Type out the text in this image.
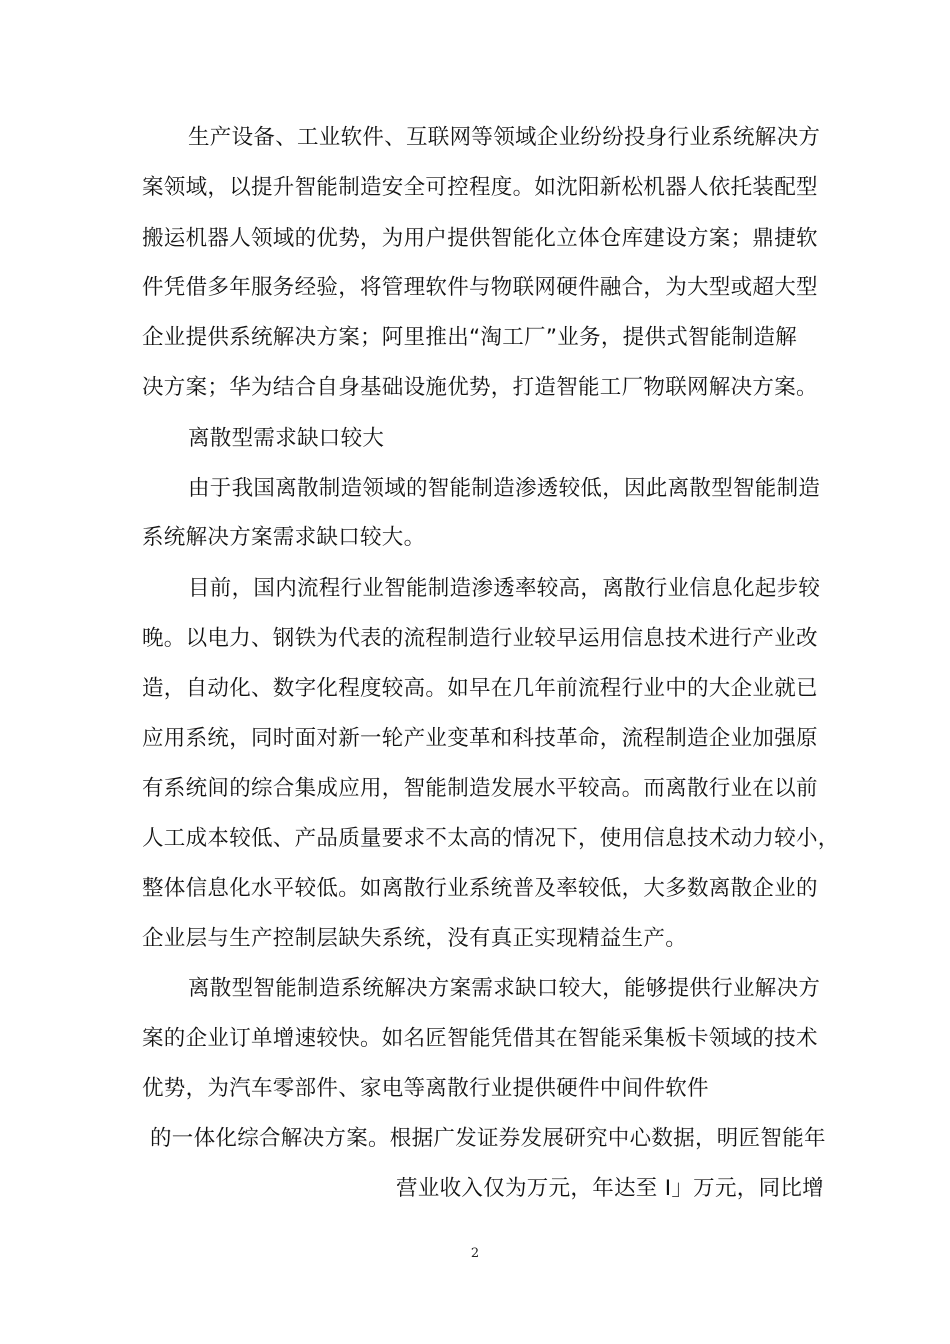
生产设备、工业软件、互联网等领域企业纷纷投身行业系统解决方
案领域，以提升智能制造安全可控程度。如沈阳新松机器人依托装配型
搬运机器人领域的优势，为用户提供智能化立体仓库建设方案；鼎捷软
件凭借多年服务经验，将管理软件与物联网硬件融合，为大型或超大型
企业提供系统解决方案；阿里推出“淘工厂”业务，提供式智能制造解
决方案；华为结合自身基础设施优势，打造智能工厂物联网解决方案。
离散型需求缺口较大
由于我国离散制造领域的智能制造渗透较低，因此离散型智能制造
系统解决方案需求缺口较大。
目前，国内流程行业智能制造渗透率较高，离散行业信息化起步较
晚。以电力、钢铁为代表的流程制造行业较早运用信息技术进行产业改
造，自动化、数字化程度较高。如早在几年前流程行业中的大企业就已
应用系统，同时面对新一轮产业变革和科技革命，流程制造企业加强原
有系统间的综合集成应用，智能制造发展水平较高。而离散行业在以前
人工成本较低、产品质量要求不太高的情况下，使用信息技术动力较小，
整体信息化水平较低。如离散行业系统普及率较低，大多数离散企业的
企业层与生产控制层缺失系统，没有真正实现精益生产。
离散型智能制造系统解决方案需求缺口较大，能够提供行业解决方
案的企业订单增速较快。如名匠智能凭借其在智能采集板卡领域的技术
优势，为汽车零部件、家电等离散行业提供硬件中间件软件
的一体化综合解决方案。根据广发证券发展研究中心数据，明匠智能年
营业收入仅为万元，年达至 I」万元，同比增
2
